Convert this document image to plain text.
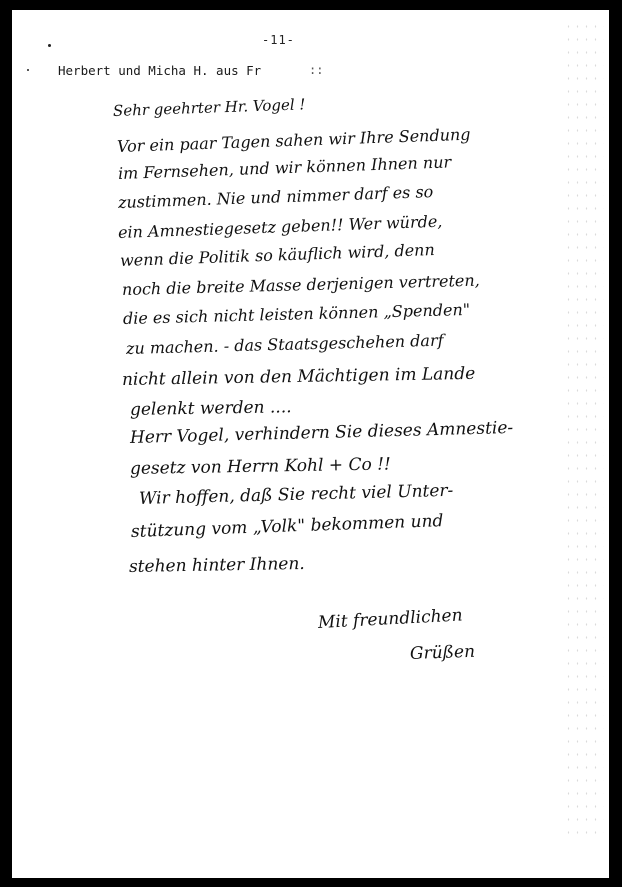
-11-
Herbert und Micha H. aus Fr	::
Sehr geehrter Hr. Vogel !
Vor ein paar Tagen sahen wir Ihre Sendung
im Fernsehen, und wir können Ihnen nur
zustimmen. Nie und nimmer darf es so
ein Amnestiegesetz geben!! Wer würde,
wenn die Politik so käuflich wird, denn
noch die breite Masse derjenigen vertreten,
die es sich nicht leisten können „Spenden"
zu machen. - das Staatsgeschehen darf
nicht allein von den Mächtigen im Lande
gelenkt werden ....
Herr Vogel, verhindern Sie dieses Amnestie-
gesetz von Herrn Kohl + Co !!
Wir hoffen, daß Sie recht viel Unter-
stützung vom „Volk" bekommen und
stehen hinter Ihnen.
Mit freundlichen
Grüßen
